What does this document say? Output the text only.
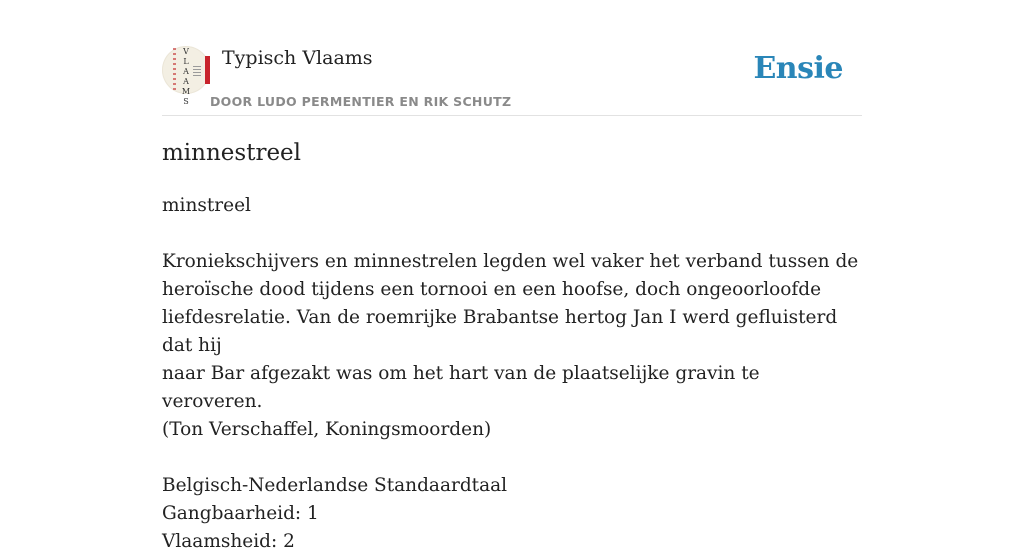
V
L
A
A
M
S
Typisch Vlaams
DOOR LUDO PERMENTIER EN RIK SCHUTZ
Ensie
minnestreel

minstreel

Kroniekschijvers en minnestrelen legden wel vaker het verband tussen de

heroïsche dood tijdens een tornooi en een hoofse, doch ongeoorloofde

liefdesrelatie. Van de roemrijke Brabantse hertog Jan I werd gefluisterd dat hij

naar Bar afgezakt was om het hart van de plaatselijke gravin te veroveren.

(Ton Verschaffel, Koningsmoorden)

Belgisch-Nederlandse Standaardtaal

Gangbaarheid: 1

Vlaamsheid: 2
